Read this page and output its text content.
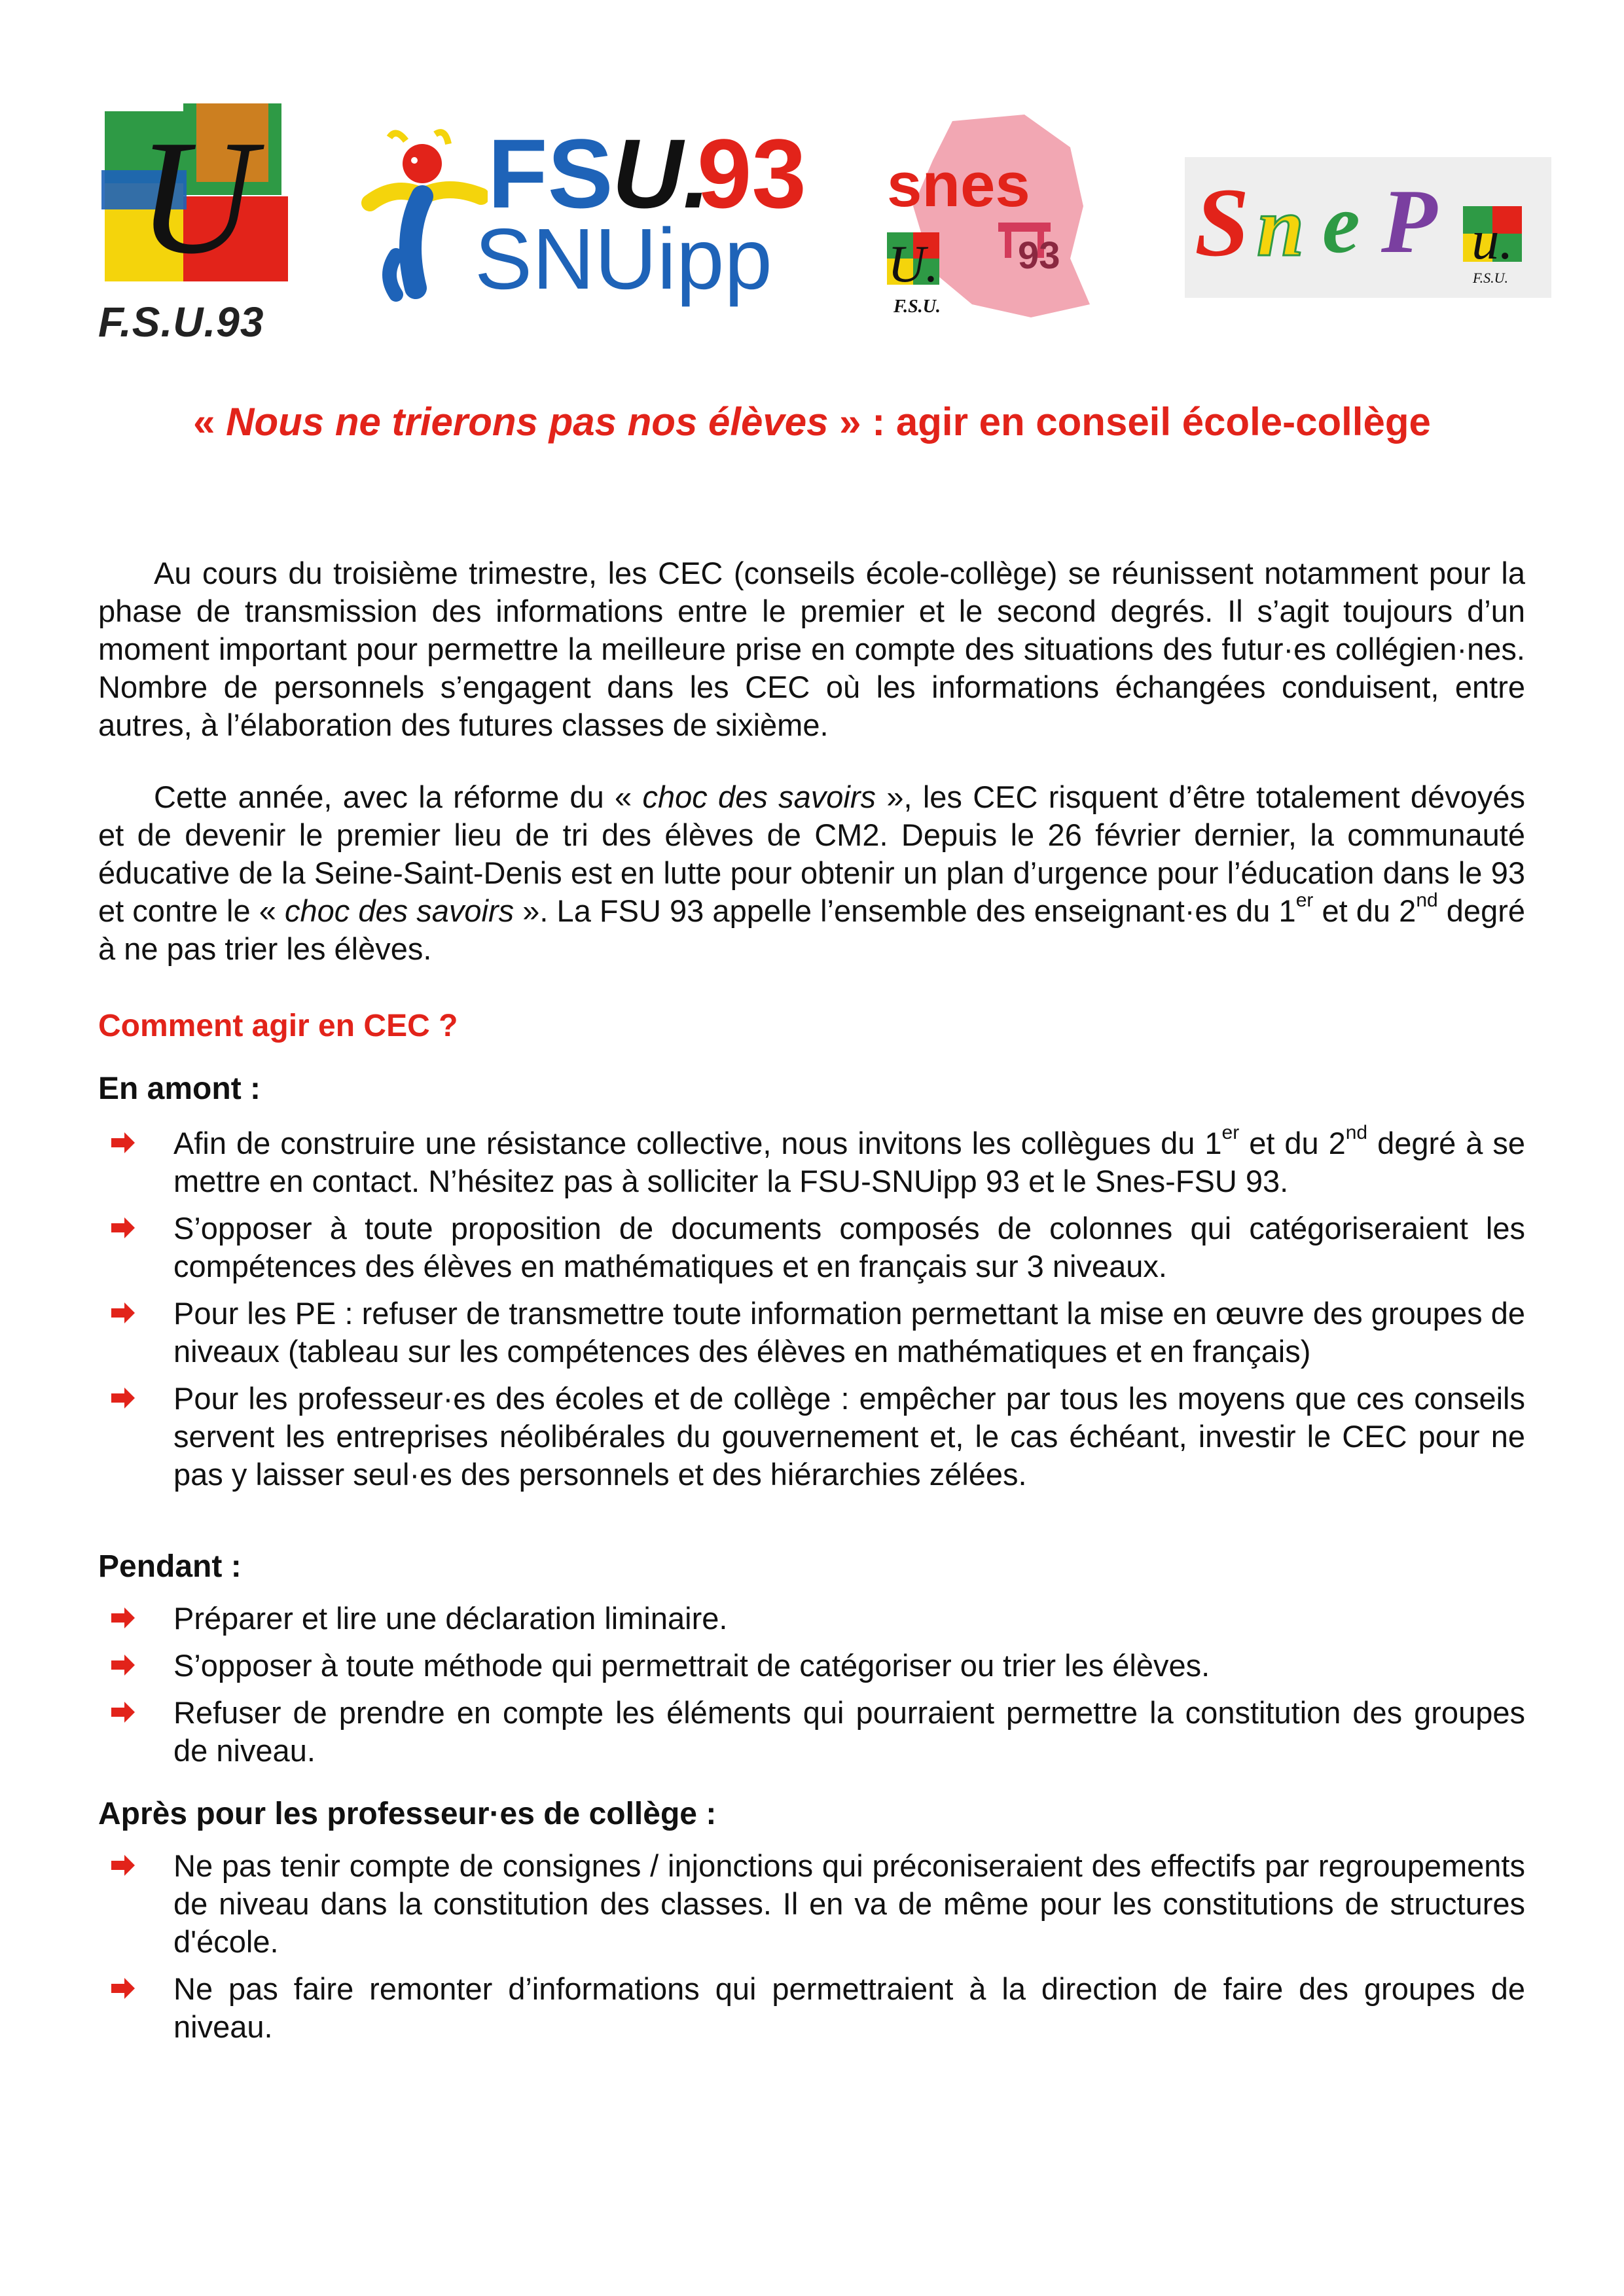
U
F.S.U.93
FS
U.
93
SNUipp
snes
93
U.
F.S.U.
S n e P u.
F.S.U.
« Nous ne trierons pas nos élèves » : agir en conseil école-collège

Au cours du troisième trimestre, les CEC (conseils école-collège) se réunissent notamment pour la phase de transmission des informations entre le premier et le second degrés. Il s’agit toujours d’un moment important pour permettre la meilleure prise en compte des situations des futur·es collégien·nes. Nombre de personnels s’engagent dans les CEC où les informations échangées conduisent, entre autres, à l’élaboration des futures classes de sixième.

Cette année, avec la réforme du « choc des savoirs », les CEC risquent d’être totalement dévoyés et de devenir le premier lieu de tri des élèves de CM2. Depuis le 26 février dernier, la communauté éducative de la Seine-Saint-Denis est en lutte pour obtenir un plan d’urgence pour l’éducation dans le 93 et contre le « choc des savoirs ». La FSU 93 appelle l’ensemble des enseignant·es du 1er et du 2nd degré à ne pas trier les élèves.

Comment agir en CEC ?
En amont :
Afin de construire une résistance collective, nous invitons les collègues du 1er et du 2nd degré à se mettre en contact. N’hésitez pas à solliciter la FSU-SNUipp 93 et le Snes-FSU 93.
S’opposer à toute proposition de documents composés de colonnes qui catégoriseraient les compétences des élèves en mathématiques et en français sur 3 niveaux.
Pour les PE : refuser de transmettre toute information permettant la mise en œuvre des groupes de niveaux (tableau sur les compétences des élèves en mathématiques et en français)
Pour les professeur·es des écoles et de collège : empêcher par tous les moyens que ces conseils servent les entreprises néolibérales du gouvernement et, le cas échéant, investir le CEC pour ne pas y laisser seul·es des personnels et des hiérarchies zélées.
Pendant :
Préparer et lire une déclaration liminaire.
S’opposer à toute méthode qui permettrait de catégoriser ou trier les élèves.
Refuser de prendre en compte les éléments qui pourraient permettre la constitution des groupes de niveau.
Après pour les professeur·es de collège :
Ne pas tenir compte de consignes / injonctions qui préconiseraient des effectifs par regroupements de niveau dans la constitution des classes. Il en va de même pour les constitutions de structures d'école.
Ne pas faire remonter d’informations qui permettraient à la direction de faire des groupes de niveau.
